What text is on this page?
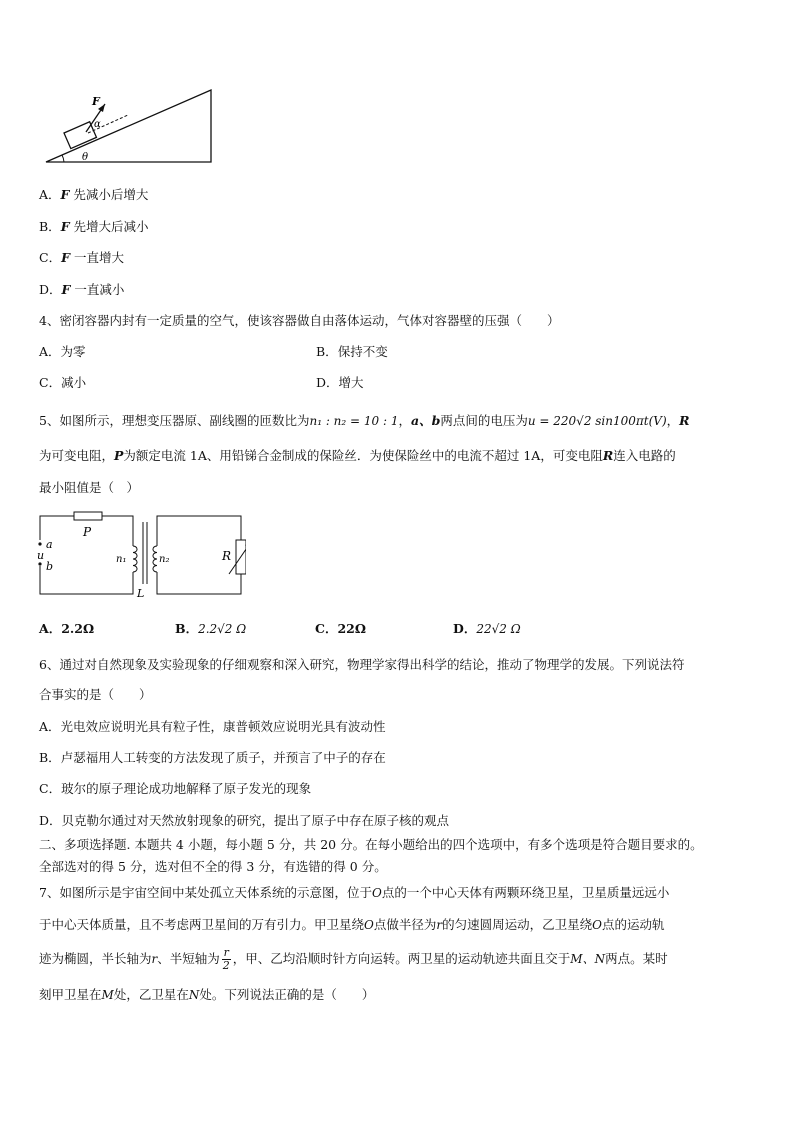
F
α
θ
A．F 先减小后增大
B．F 先增大后减小
C．F 一直增大
D．F 一直减小
4、密闭容器内封有一定质量的空气，使该容器做自由落体运动，气体对容器壁的压强（　　）
A．为零	B．保持不变
C．减小	D．增大
5、如图所示，理想变压器原、副线圈的匝数比为n₁ : n₂ = 10 : 1，a、b两点间的电压为u = 220√2 sin100πt(V)，R
为可变电阻，P为额定电流 1A、用铅锑合金制成的保险丝．为使保险丝中的电流不超过 1A，可变电阻R连入电路的
最小阻值是（　）
P
a
u
b
n₁
L
n₂	R
A．2.2Ω	B．2.2√2 Ω	C．22Ω	D．22√2 Ω
6、通过对自然现象及实验现象的仔细观察和深入研究，物理学家得出科学的结论，推动了物理学的发展。下列说法符
合事实的是（　　）
A．光电效应说明光具有粒子性，康普顿效应说明光具有波动性
B．卢瑟福用人工转变的方法发现了质子，并预言了中子的存在
C．玻尔的原子理论成功地解释了原子发光的现象
D．贝克勒尔通过对天然放射现象的研究，提出了原子中存在原子核的观点
二、多项选择题. 本题共 4 小题，每小题 5 分，共 20 分。在每小题给出的四个选项中，有多个选项是符合题目要求的。
全部选对的得 5 分，选对但不全的得 3 分，有选错的得 0 分。
7、如图所示是宇宙空间中某处孤立天体系统的示意图，位于O点的一个中心天体有两颗环绕卫星，卫星质量远远小
于中心天体质量，且不考虑两卫星间的万有引力。甲卫星绕O点做半径为r的匀速圆周运动，乙卫星绕O点的运动轨
迹为椭圆，半长轴为r、半短轴为 $\frac{r}{2}$ ，甲、乙均沿顺时针方向运转。两卫星的运动轨迹共面且交于M、N两点。某时
刻甲卫星在M处，乙卫星在N处。下列说法正确的是（　　）
